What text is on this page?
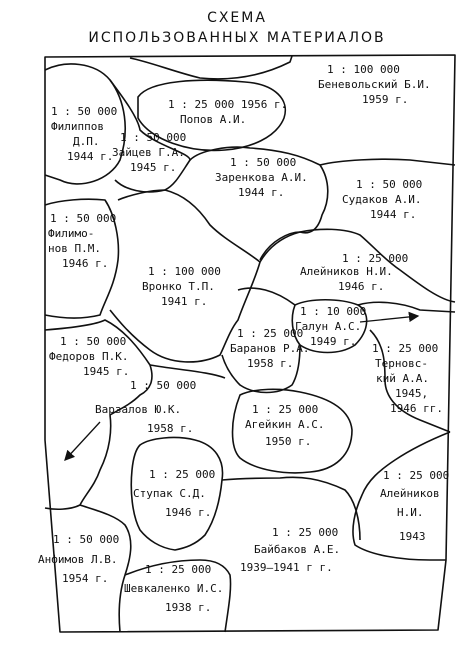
СХЕМА
ИСПОЛЬЗОВАННЫХ МАТЕРИАЛОВ
1 : 100 000
Беневольский Б.И.
1959 г.
1 : 25 000 1956 г.
Попов А.И.
1 : 50 000
Филиппов
Д.П.
1944 г.
1 : 50 000
Зайцев Г.А.
1945 г.	1 : 50 000
Заренкова А.И.
1944 г.
1 : 50 000
Судаков А.И.
1944 г.
1 : 50 000
Филимо-
нов П.М.
1946 г.
1 : 100 000
Вронко Т.П.
1941 г.
1 : 25 000
Алейников Н.И.
1946 г.
1 : 10 000
Галун А.С.
1949 г.
1 : 25 000
Баранов Р.А.
1958 г.
1 : 50 000
Федоров П.К.
1945 г.
1 : 25 000
Терновс-
кий А.А.
1945,
1946 гг.
1 : 50 000
Варзалов Ю.К.
1958 г.
1 : 25 000
Агейкин А.С.
1950 г.
1 : 25 000
Ступак С.Д.
1946 г.
1 : 25 000
Алейников
Н.И.
1943
1 : 50 000
Анфимов Л.В.
1954 г.
1 : 25 000
Байбаков А.Е.
1939–1941 г г.
1 : 25 000
Шевкаленко И.С.
1938 г.
